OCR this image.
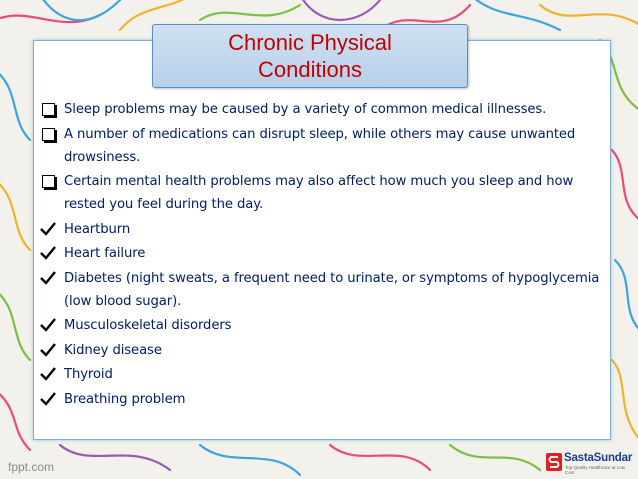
Chronic Physical
Conditions
Sleep problems may be caused by a variety of common medical illnesses.
A number of medications can disrupt sleep, while others may cause unwanted drowsiness.
Certain mental health problems may also affect how much you sleep and how rested you feel during the day.
Heartburn
Heart failure
Diabetes (night sweats, a frequent need to urinate, or symptoms of hypoglycemia (low blood sugar).
Musculoskeletal disorders
Kidney disease
Thyroid
Breathing problem
fppt.com
SastaSundar
Top Quality Healthcare at Low Cost
